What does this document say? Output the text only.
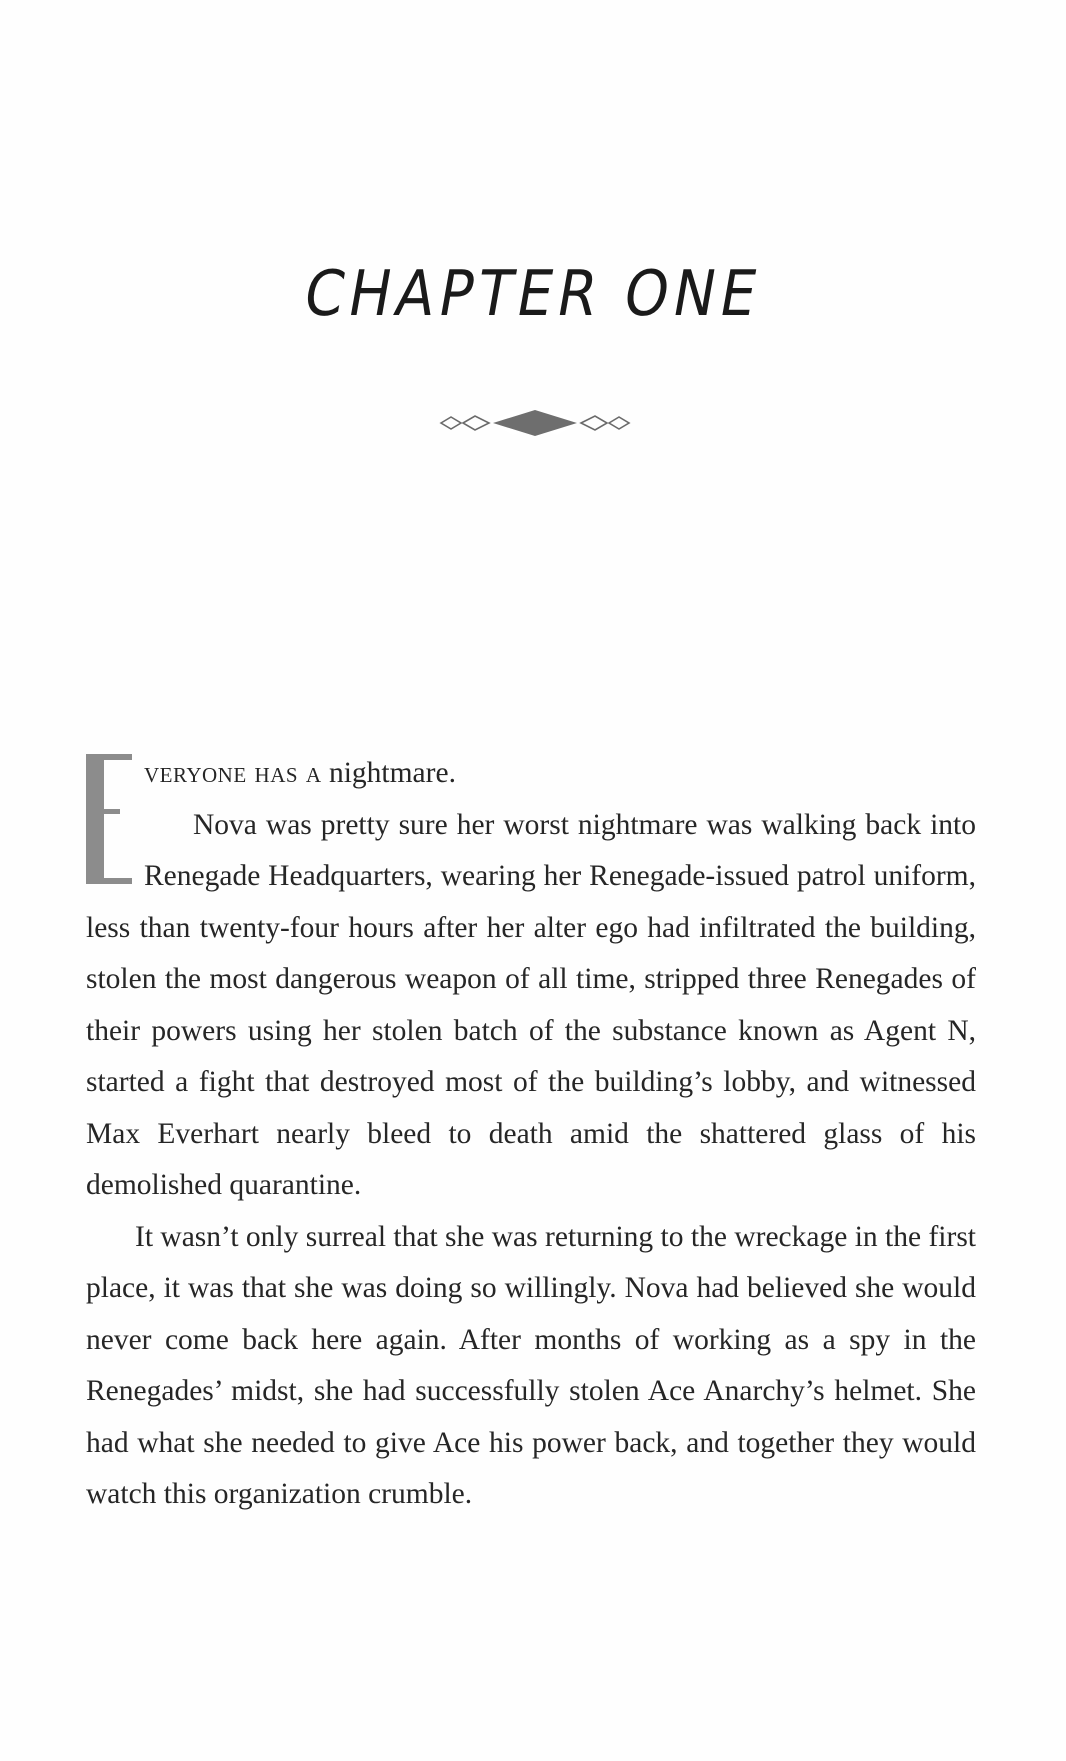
CHAPTER ONE

veryone has a nightmare.

Nova was pretty sure her worst nightmare was walking back into Renegade Headquarters, wearing her Renegade-issued patrol uniform, less than twenty-four hours after her alter ego had infiltrated the building, stolen the most dangerous weapon of all time, stripped three Renegades of their powers using her stolen batch of the substance known as Agent N, started a fight that destroyed most of the building’s lobby, and witnessed Max Everhart nearly bleed to death amid the shattered glass of his demolished quarantine.

It wasn’t only surreal that she was returning to the wreckage in the first place, it was that she was doing so willingly. Nova had believed she would never come back here again. After months of working as a spy in the Renegades’ midst, she had successfully stolen Ace Anarchy’s helmet. She had what she needed to give Ace his power back, and together they would watch this organization crumble.
